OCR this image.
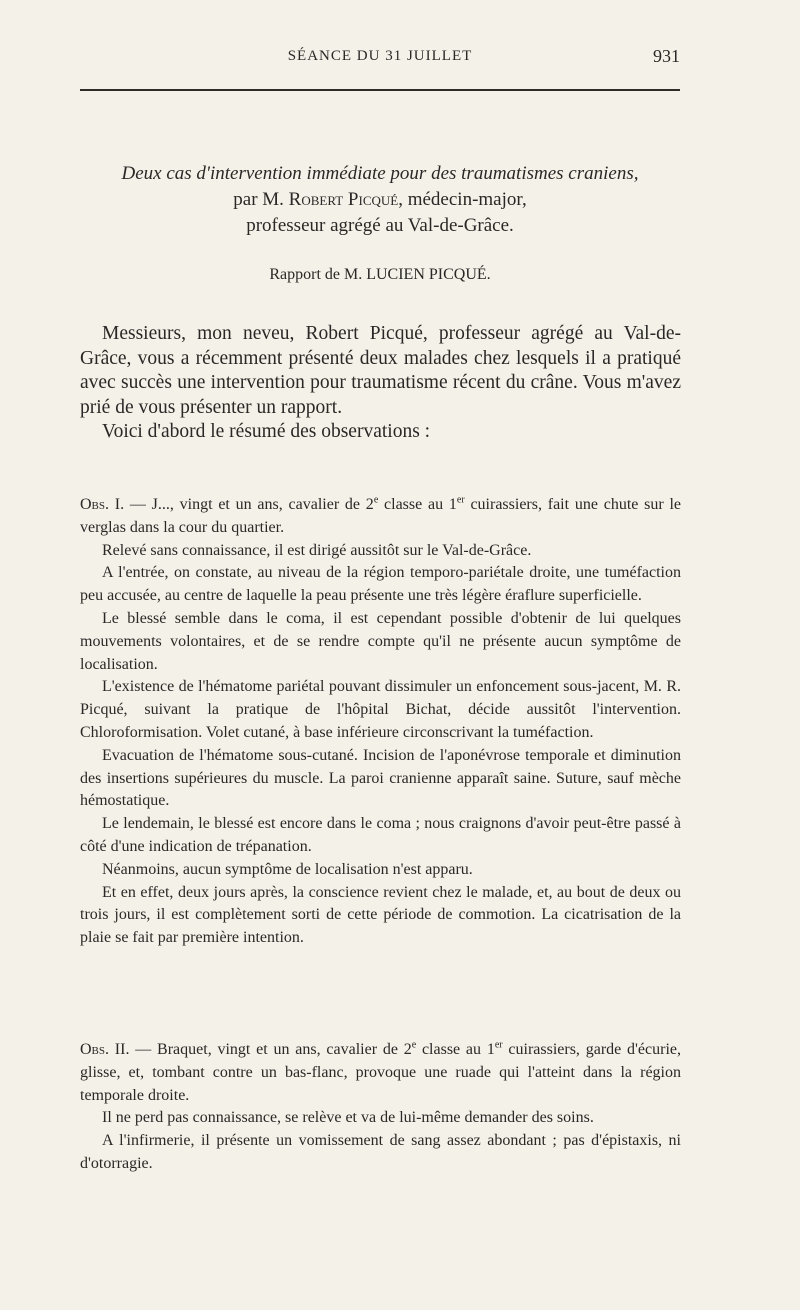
SÉANCE DU 31 JUILLET	931
Deux cas d'intervention immédiate pour des traumatismes craniens,
par M. Robert Picqué, médecin-major,
professeur agrégé au Val-de-Grâce.
Rapport de M. LUCIEN PICQUÉ.

Messieurs, mon neveu, Robert Picqué, professeur agrégé au Val-de-Grâce, vous a récemment présenté deux malades chez lesquels il a pratiqué avec succès une intervention pour traumatisme récent du crâne. Vous m'avez prié de vous présenter un rapport.

Voici d'abord le résumé des observations :

Obs. I. — J..., vingt et un ans, cavalier de 2e classe au 1er cuirassiers, fait une chute sur le verglas dans la cour du quartier.

Relevé sans connaissance, il est dirigé aussitôt sur le Val-de-Grâce.

A l'entrée, on constate, au niveau de la région temporo-pariétale droite, une tuméfaction peu accusée, au centre de laquelle la peau présente une très légère éraflure superficielle.

Le blessé semble dans le coma, il est cependant possible d'obtenir de lui quelques mouvements volontaires, et de se rendre compte qu'il ne présente aucun symptôme de localisation.

L'existence de l'hématome pariétal pouvant dissimuler un enfoncement sous-jacent, M. R. Picqué, suivant la pratique de l'hôpital Bichat, décide aussitôt l'intervention. Chloroformisation. Volet cutané, à base inférieure circonscrivant la tuméfaction.

Evacuation de l'hématome sous-cutané. Incision de l'aponévrose temporale et diminution des insertions supérieures du muscle. La paroi cranienne apparaît saine. Suture, sauf mèche hémostatique.

Le lendemain, le blessé est encore dans le coma ; nous craignons d'avoir peut-être passé à côté d'une indication de trépanation.

Néanmoins, aucun symptôme de localisation n'est apparu.

Et en effet, deux jours après, la conscience revient chez le malade, et, au bout de deux ou trois jours, il est complètement sorti de cette période de commotion. La cicatrisation de la plaie se fait par première intention.

Obs. II. — Braquet, vingt et un ans, cavalier de 2e classe au 1er cuirassiers, garde d'écurie, glisse, et, tombant contre un bas-flanc, provoque une ruade qui l'atteint dans la région temporale droite.

Il ne perd pas connaissance, se relève et va de lui-même demander des soins.

A l'infirmerie, il présente un vomissement de sang assez abondant ; pas d'épistaxis, ni d'otorragie.
